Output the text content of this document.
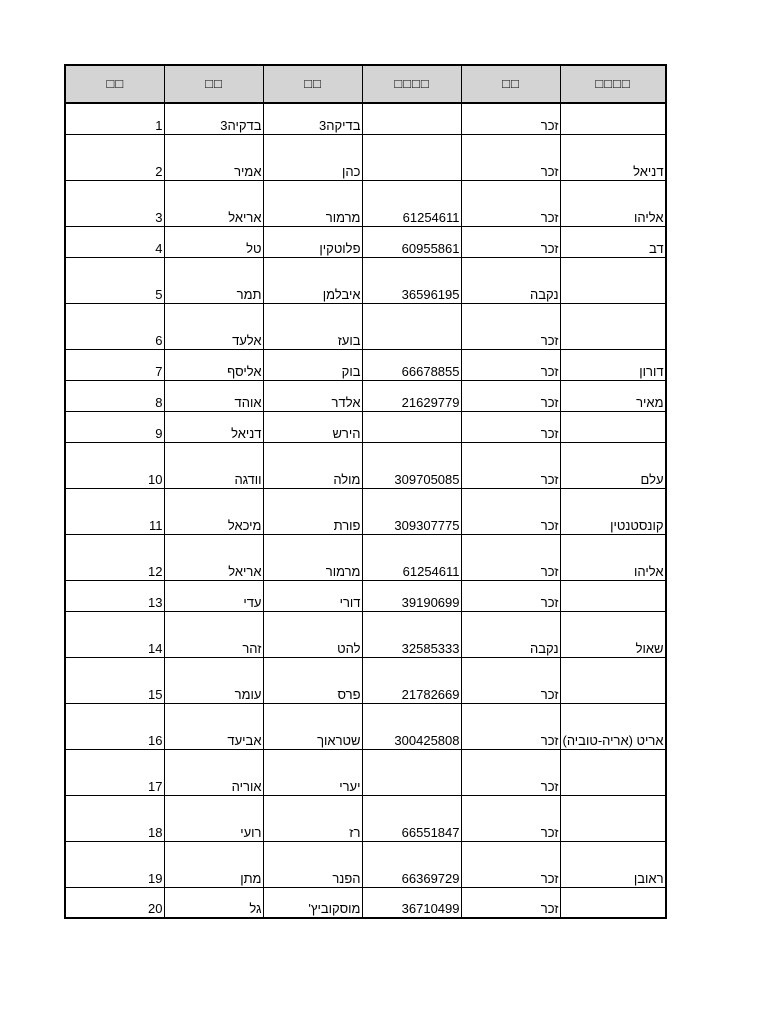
□□	□□	□□	□□□□	□□	□□□□
1	בדקיה3	בדיקה3		זכר	
2	אמיר	כהן		זכר	דניאל
3	אריאל	מרמור	61254611	זכר	אליהו
4	טל	פלוטקין	60955861	זכר	דב
5	תמר	איבלמן	36596195	נקבה	
6	אלעד	בועז		זכר	
7	אליסף	בוק	66678855	זכר	דורון
8	אוהד	אלדר	21629779	זכר	מאיר
9	דניאל	הירש		זכר	
10	וודגה	מולה	309705085	זכר	עלם
11	מיכאל	פורת	309307775	זכר	קונסטנטין
12	אריאל	מרמור	61254611	זכר	אליהו
13	עדי	דורי	39190699	זכר	
14	זהר	להט	32585333	נקבה	שאול
15	עומר	פרס	21782669	זכר	
16	אביעד	שטראוך	300425808	זכר	אריט (אריה-טוביה)
17	אוריה	יערי		זכר	
18	רועי	רז	66551847	זכר	
19	מתן	הפנר	66369729	זכר	ראובן
20	גל	מוסקוביץ'	36710499	זכר	
